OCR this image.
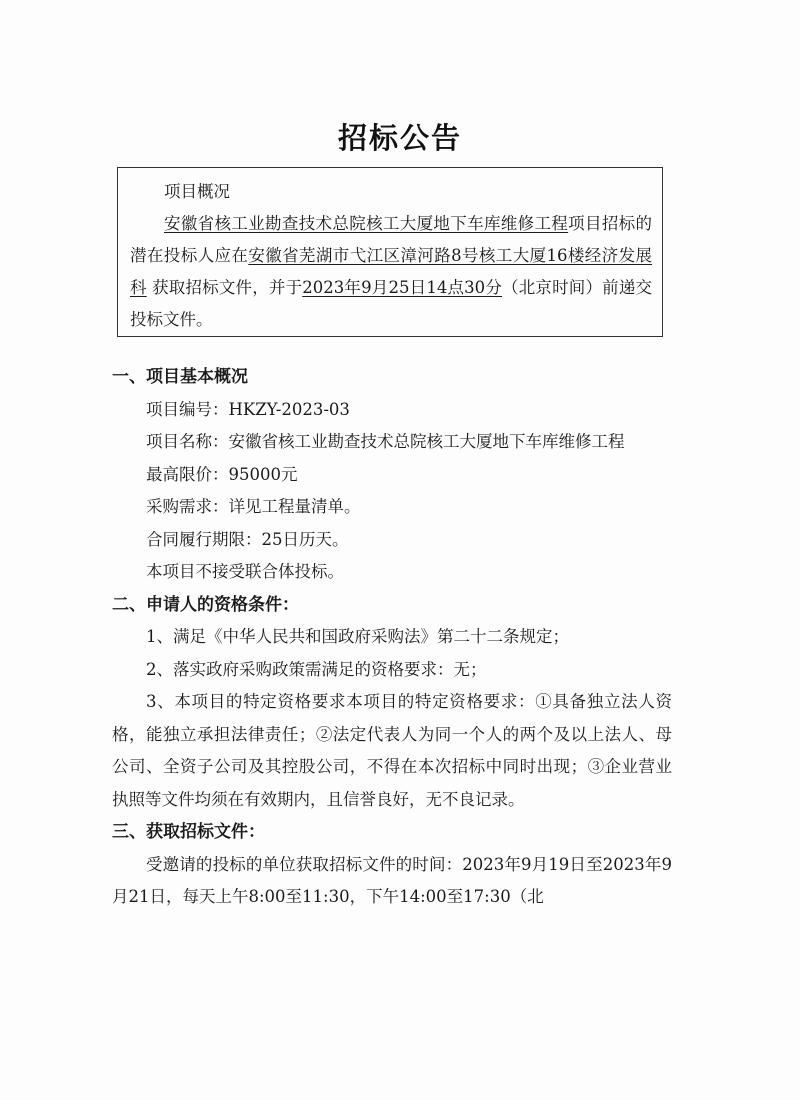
招标公告
项目概况

安徽省核工业勘查技术总院核工大厦地下车库维修工程项目招标的潜在投标人应在安徽省芜湖市弋江区漳河路8号核工大厦16楼经济发展科 获取招标文件，并于2023年9月25日14点30分（北京时间）前递交投标文件。

一、项目基本概况

项目编号：HKZY-2023-03

项目名称：安徽省核工业勘查技术总院核工大厦地下车库维修工程

最高限价：95000元

采购需求：详见工程量清单。

合同履行期限：25日历天。

本项目不接受联合体投标。

二、申请人的资格条件：

1、满足《中华人民共和国政府采购法》第二十二条规定；

2、落实政府采购政策需满足的资格要求：无；

3、本项目的特定资格要求本项目的特定资格要求：①具备独立法人资格，能独立承担法律责任；②法定代表人为同一个人的两个及以上法人、母公司、全资子公司及其控股公司，不得在本次招标中同时出现；③企业营业执照等文件均须在有效期内，且信誉良好，无不良记录。

三、获取招标文件：

受邀请的投标的单位获取招标文件的时间：2023年9月19日至2023年9月21日，每天上午8:00至11:30，下午14:00至17:30（北
